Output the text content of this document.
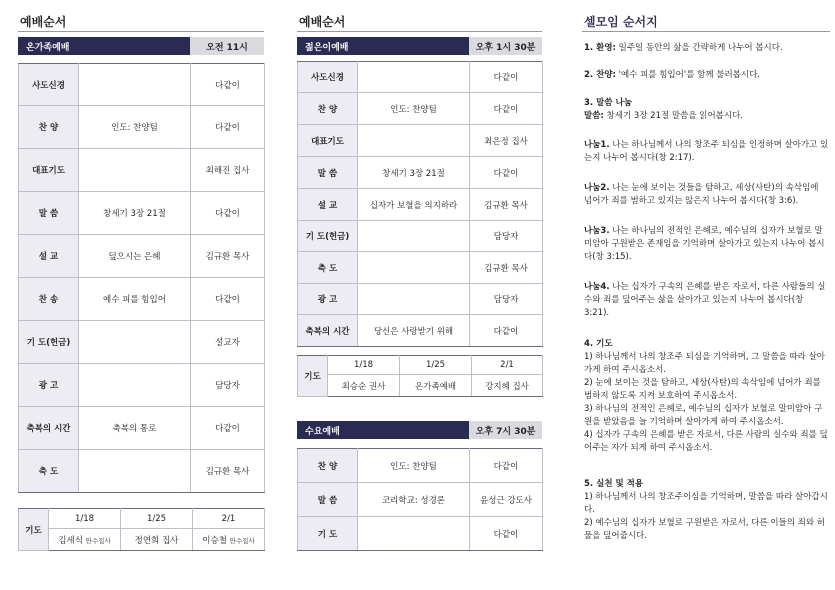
예배순서
온가족예배	오전 11시
사도신경		다같이
찬 양	인도: 찬양팀	다같이
대표기도		최해진 집사
말 씀	창세기 3장 21절	다같이
설 교	덮으시는 은혜	김규환 목사
찬 송	예수 피를 힘입어	다같이
기 도(헌금)		설교자
광 고		담당자
축복의 시간	축복의 통로	다같이
축 도		김규환 목사
기도	1/18	1/25	2/1
	김세식 안수집사	정연희 집사	이승철 안수집사
예배순서
젊은이예배	오후 1시 30분
사도신경		다같이
찬 양	인도: 찬양팀	다같이
대표기도		최은정 집사
말 씀	창세기 3장 21절	다같이
설 교	십자가 보혈을 의지하라	김규환 목사
기 도(헌금)		담당자
축 도		김규환 목사
광 고		담당자
축복의 시간	당신은 사랑받기 위해	다같이
기도	1/18	1/25	2/1
	최승순 권사	온가족예배	강지혜 집사
수요예배	오후 7시 30분
찬 양	인도: 찬양팀	다같이
말 씀	코리학교: 성경론	윤성근 강도사
기 도		다같이
셀모임 순서지
1. 환영: 일주일 동안의 삶을 간략하게 나누어 봅시다.
2. 찬양: '예수 피를 힘입어'를 함께 불러봅시다.
3. 말씀 나눔
말씀: 창세기 3장 21절 말씀을 읽어봅시다.
나눔1. 나는 하나님께서 나의 창조주 되심을 인정하며 살아가고 있는지 나누어 봅시다(창 2:17).
나눔2. 나는 눈에 보이는 것들을 탐하고, 세상(사탄)의 속삭임에 넘어가 죄를 범하고 있지는 않은지 나누어 봅시다(창 3:6).
나눔3. 나는 하나님의 전적인 은혜로, 예수님의 십자가 보혈로 말미암아 구원받은 존재임을 기억하며 살아가고 있는지 나누어 봅시다(창 3:15).
나눔4. 나는 십자가 구속의 은혜를 받은 자로서, 다른 사람들의 실수와 죄를 덮어주는 삶을 살아가고 있는지 나누어 봅시다(창 3:21).
4. 기도
1) 하나님께서 나의 창조주 되심을 기억하며, 그 말씀을 따라 살아가게 하여 주시옵소서.
2) 눈에 보이는 것을 탐하고, 세상(사탄)의 속삭임에 넘어가 죄를 범하지 않도록 지켜 보호하여 주시옵소서.
3) 하나님의 전적인 은혜로, 예수님의 십자가 보혈로 말미암아 구원을 받았음을 늘 기억하며 살아가게 하여 주시옵소서.
4) 십자가 구속의 은혜를 받은 자로서, 다른 사람의 실수와 죄를 덮어주는 자가 되게 하여 주시옵소서.
5. 실천 및 적용
1) 하나님께서 나의 창조주이심을 기억하며, 말씀을 따라 살아갑시다.
2) 예수님의 십자가 보혈로 구원받은 자로서, 다른 이들의 죄와 허물을 덮어줍시다.
